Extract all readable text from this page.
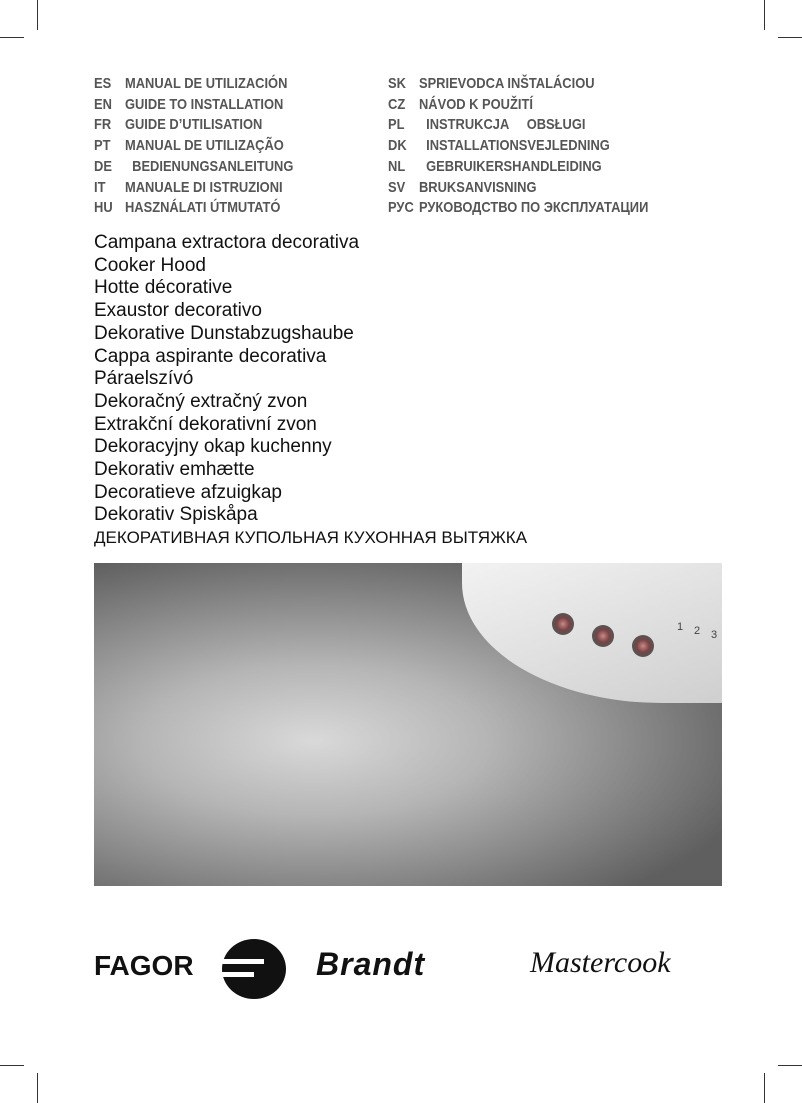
ES MANUAL DE UTILIZACIÓN
EN GUIDE TO INSTALLATION
FR GUIDE D’UTILISATION
PT MANUAL DE UTILIZAÇÃO
DE  BEDIENUNGSANLEITUNG
IT MANUALE DI ISTRUZIONI
HU HASZNÁLATI ÚTMUTATÓ
SK SPRIEVODCA INŠTALÁCIOU
CZ NÁVOD K POUŽITÍ
PL  INSTRUKCJA     OBSŁUGI
DK  INSTALLATIONSVEJLEDNING
NL  GEBRUIKERSHANDLEIDING
SV BRUKSANVISNING
РУС РУКОВОДСТВО ПО ЭКСПЛУАТАЦИИ
Campana extractora decorativa
Cooker Hood
Hotte décorative
Exaustor decorativo
Dekorative Dunstabzugshaube
Cappa aspirante decorativa
Páraelszívó
Dekoračný extračný zvon
Extrakční dekorativní zvon
Dekoracyjny okap kuchenny
Dekorativ emhætte
Decoratieve afzuigkap
Dekorativ Spiskåpa
ДЕКОРАТИВНАЯ КУПОЛЬНАЯ КУХОННАЯ ВЫТЯЖКА
1 2 3
FAGOR	Brandt	Mastercook
